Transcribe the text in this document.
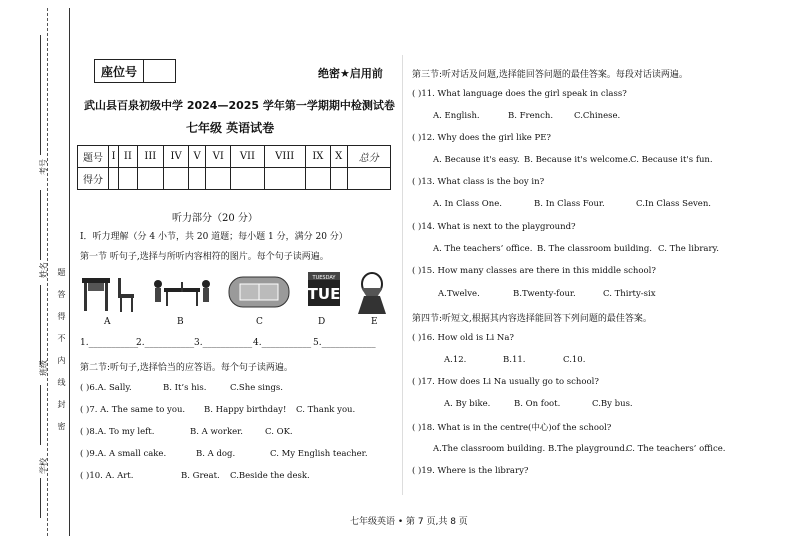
考号
姓名
班级
学校
题
答
得
不
内
线
封
密
座位号	绝密★启用前
武山县百泉初级中学 2024—2025 学年第一学期期中检测试卷
七年级 英语试卷
题号	I	II	III	IV	V	VI	VII	VIII	IX	X	总分
得分											
听力部分（20 分）
Ⅰ．听力理解（分 4 小节，共 20 道题；每小题 1 分，满分 20 分）
第一节 听句子,选择与所听内容相符的图片。每个句子读两遍。
TUESDAY
TUE
A	B	C	D	E
1.___________
2.___________ 3.___________ 4.___________ 5.____________
第二节:听句子,选择恰当的应答语。每个句子读两遍。
( )6.A. Sally.	B. It’s his.	C.She sings.
( )7. A. The same to you. B. Happy birthday! C. Thank you.
( )8.A. To my left.	B. A worker.	C. OK.
( )9.A. A small cake.	B. A dog.	C. My English teacher.
( )10. A. Art.	B. Great. C.Beside the desk.
第三节:听对话及问题,选择能回答问题的最佳答案。每段对话读两遍。
( )11. What language does the girl speak in class?
A. English.	B. French. C.Chinese.
( )12. Why does the girl like PE?
A. Because it's easy. B. Because it's welcome. C. Because it's fun.
( )13. What class is the boy in?
A. In Class One.	B. In Class Four.	C.In Class Seven.
( )14. What is next to the playground?
A. The teachers’ office. B. The classroom building. C. The library.
( )15. How many classes are there in this middle school?
A.Twelve.	B.Twenty-four.	C. Thirty-six
第四节:听短文,根据其内容选择能回答下列问题的最佳答案。
( )16. How old is Li Na?
A.12.	B.11.	C.10.
( )17. How does Li Na usually go to school?
A. By bike.	B. On foot.	C.By bus.
( )18. What is in the centre(中心)of the school?
A.The classroom building. B.The playground.
C. The teachers’ office.
( )19. Where is the library?
七年级英语 • 第 7 页,共 8 页
